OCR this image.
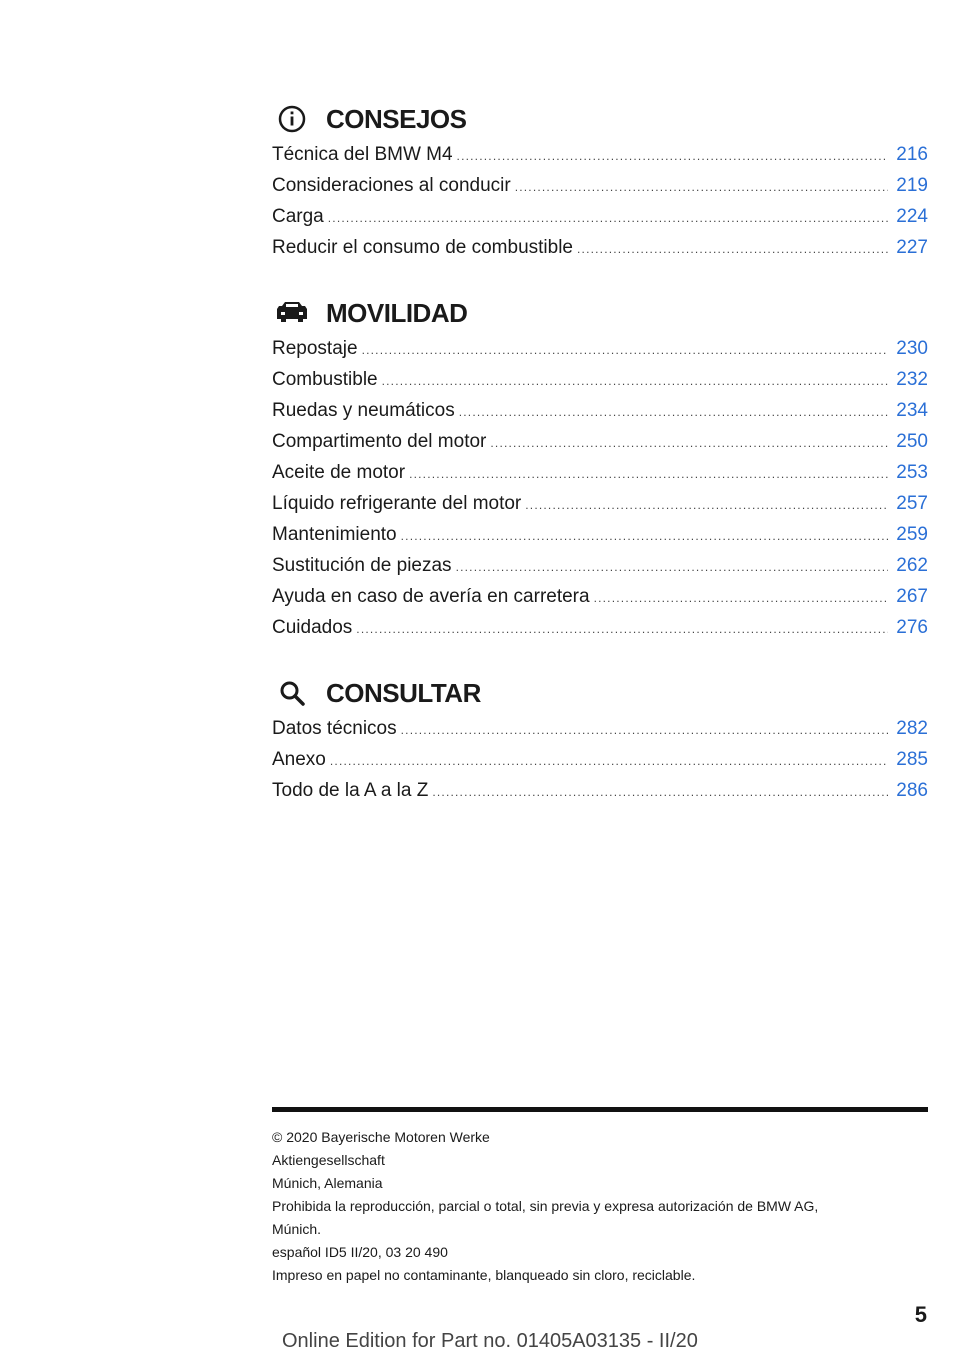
CONSEJOS
Técnica del BMW M4 .....	216
Consideraciones al conducir .....	219
Carga .....	224
Reducir el consumo de combustible .....	227
MOVILIDAD
Repostaje .....	230
Combustible .....	232
Ruedas y neumáticos .....	234
Compartimento del motor .....	250
Aceite de motor .....	253
Líquido refrigerante del motor .....	257
Mantenimiento .....	259
Sustitución de piezas .....	262
Ayuda en caso de avería en carretera .....	267
Cuidados .....	276
CONSULTAR
Datos técnicos .....	282
Anexo .....	285
Todo de la A a la Z .....	286
© 2020 Bayerische Motoren Werke
Aktiengesellschaft
Múnich, Alemania
Prohibida la reproducción, parcial o total, sin previa y expresa autorización de BMW AG,
Múnich.
español ID5 II/20, 03 20 490
Impreso en papel no contaminante, blanqueado sin cloro, reciclable.
5
Online Edition for Part no. 01405A03135 - II/20
